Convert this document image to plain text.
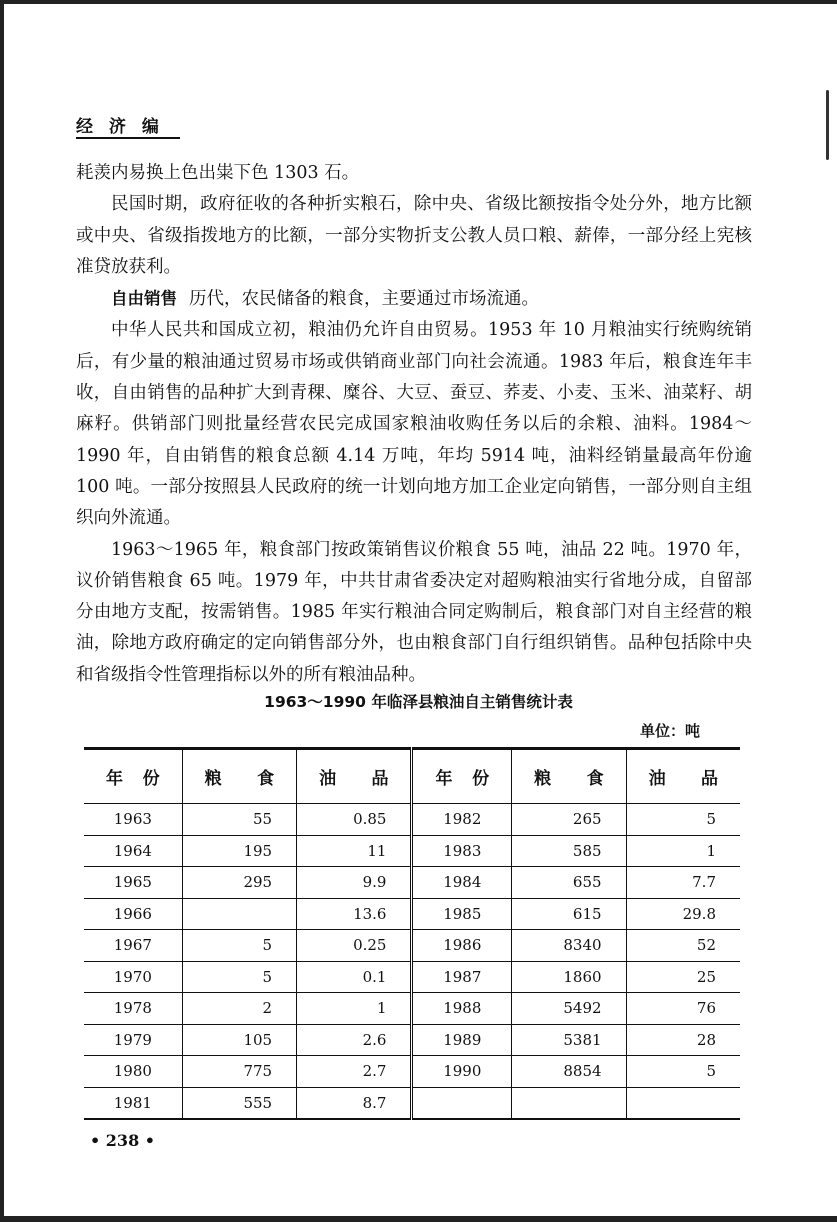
经 济 编

耗羡内易换上色出粜下色 1303 石。

民国时期，政府征收的各种折实粮石，除中央、省级比额按指令处分外，地方比额或中央、省级指拨地方的比额，一部分实物折支公教人员口粮、薪俸，一部分经上宪核准贷放获利。

自由销售 历代，农民储备的粮食，主要通过市场流通。

中华人民共和国成立初，粮油仍允许自由贸易。1953 年 10 月粮油实行统购统销后，有少量的粮油通过贸易市场或供销商业部门向社会流通。1983 年后，粮食连年丰收，自由销售的品种扩大到青稞、糜谷、大豆、蚕豆、荞麦、小麦、玉米、油菜籽、胡麻籽。供销部门则批量经营农民完成国家粮油收购任务以后的余粮、油料。1984～1990 年，自由销售的粮食总额 4.14 万吨，年均 5914 吨，油料经销量最高年份逾 100 吨。一部分按照县人民政府的统一计划向地方加工企业定向销售，一部分则自主组织向外流通。

1963～1965 年，粮食部门按政策销售议价粮食 55 吨，油品 22 吨。1970 年，议价销售粮食 65 吨。1979 年，中共甘肃省委决定对超购粮油实行省地分成，自留部分由地方支配，按需销售。1985 年实行粮油合同定购制后，粮食部门对自主经营的粮油，除地方政府确定的定向销售部分外，也由粮食部门自行组织销售。品种包括除中央和省级指令性管理指标以外的所有粮油品种。

1963～1990 年临泽县粮油自主销售统计表
单位：吨
年 份	粮 食	油 品	年 份	粮 食	油 品

1963	55	0.85	1982	265	5
1964	195	11	1983	585	1
1965	295	9.9	1984	655	7.7
1966		13.6	1985	615	29.8
1967	5	0.25	1986	8340	52
1970	5	0.1	1987	1860	25
1978	2	1	1988	5492	76
1979	105	2.6	1989	5381	28
1980	775	2.7	1990	8854	5
1981	555	8.7			
• 238 •
